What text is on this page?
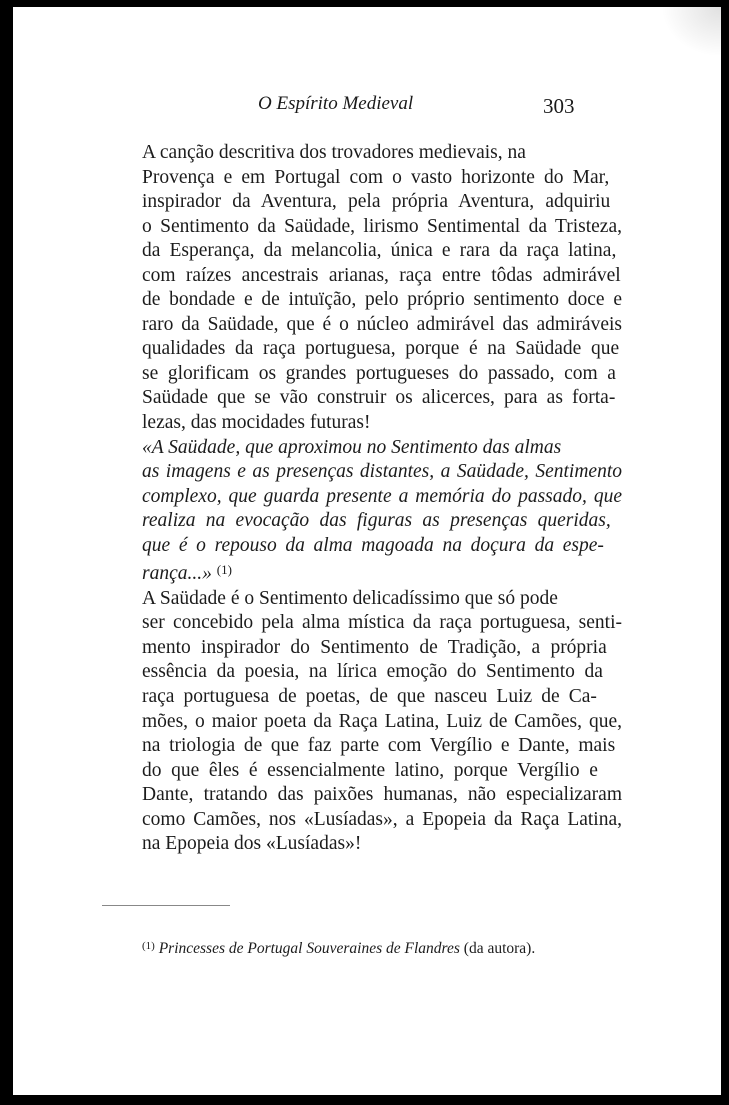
O Espírito Medieval	303
A canção descritiva dos trovadores medievais, na
Provença e em Portugal com o vasto horizonte do Mar,
inspirador da Aventura, pela própria Aventura, adquiriu
o Sentimento da Saüdade, lirismo Sentimental da Tristeza,
da Esperança, da melancolia, única e rara da raça latina,
com raízes ancestrais arianas, raça entre tôdas admirável
de bondade e de intuïção, pelo próprio sentimento doce e
raro da Saüdade, que é o núcleo admirável das admiráveis
qualidades da raça portuguesa, porque é na Saüdade que
se glorificam os grandes portugueses do passado, com a
Saüdade que se vão construir os alicerces, para as forta-
lezas, das mocidades futuras!
«A Saüdade, que aproximou no Sentimento das almas
as imagens e as presenças distantes, a Saüdade, Sentimento
complexo, que guarda presente a memória do passado, que
realiza na evocação das figuras as presenças queridas,
que é o repouso da alma magoada na doçura da espe-
rança...» $^{(1)}$
A Saüdade é o Sentimento delicadíssimo que só pode
ser concebido pela alma mística da raça portuguesa, senti-
mento inspirador do Sentimento de Tradição, a própria
essência da poesia, na lírica emoção do Sentimento da
raça portuguesa de poetas, de que nasceu Luiz de Ca-
mões, o maior poeta da Raça Latina, Luiz de Camões, que,
na triologia de que faz parte com Vergílio e Dante, mais
do que êles é essencialmente latino, porque Vergílio e
Dante, tratando das paixões humanas, não especializaram
como Camões, nos «Lusíadas», a Epopeia da Raça Latina,
na Epopeia dos «Lusíadas»!
$^{(1)}$ Princesses de Portugal Souveraines de Flandres (da autora).
